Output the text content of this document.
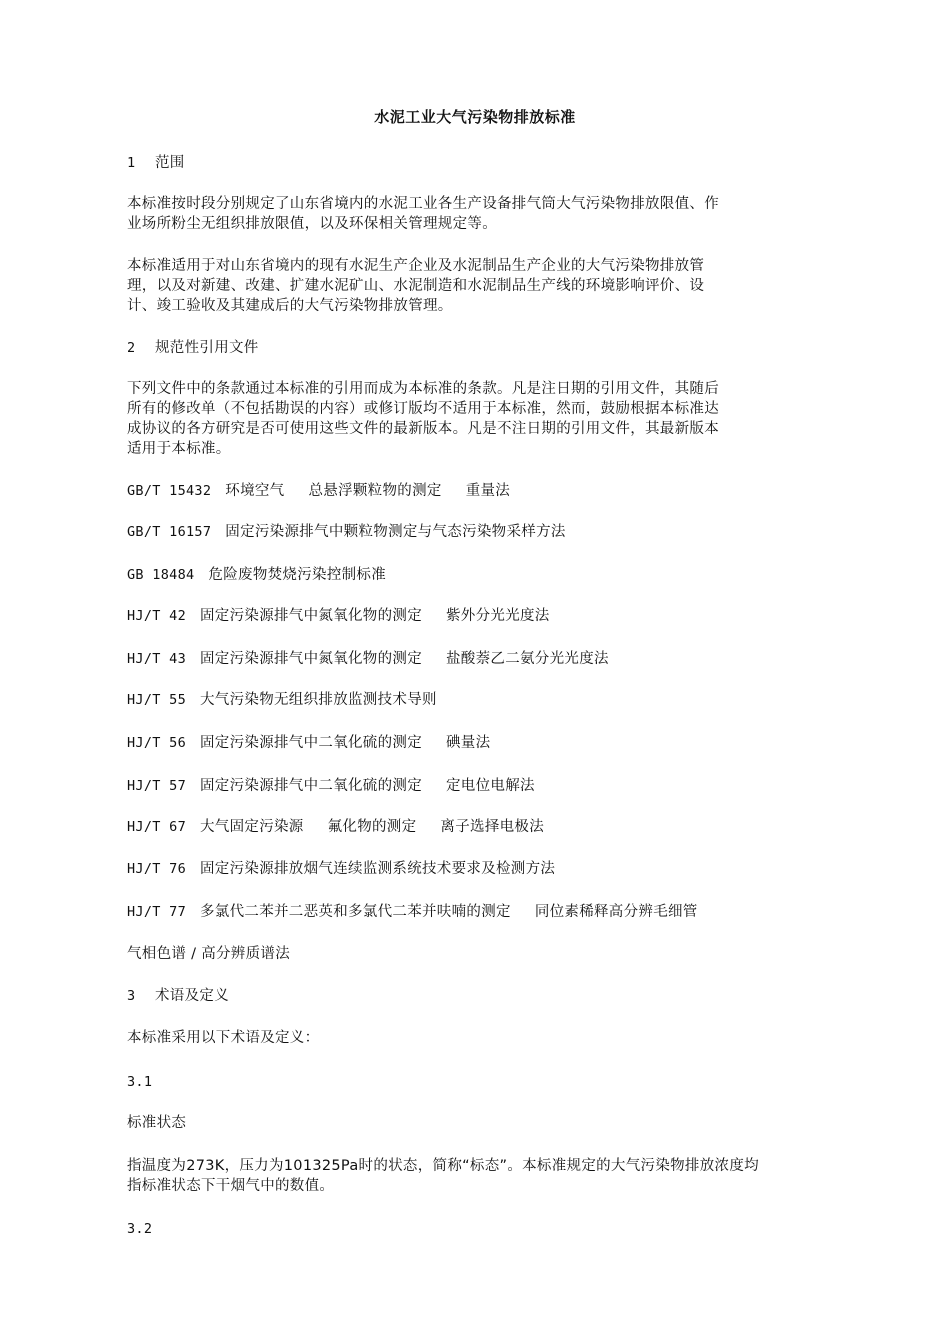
水泥工业大气污染物排放标准
1 范围
本标准按时段分别规定了山东省境内的水泥工业各生产设备排气筒大气污染物排放限值、作
业场所粉尘无组织排放限值，以及环保相关管理规定等。
本标准适用于对山东省境内的现有水泥生产企业及水泥制品生产企业的大气污染物排放管
理，以及对新建、改建、扩建水泥矿山、水泥制造和水泥制品生产线的环境影响评价、设
计、竣工验收及其建成后的大气污染物排放管理。
2 规范性引用文件
下列文件中的条款通过本标准的引用而成为本标准的条款。凡是注日期的引用文件，其随后
所有的修改单（不包括勘误的内容）或修订版均不适用于本标准，然而，鼓励根据本标准达
成协议的各方研究是否可使用这些文件的最新版本。凡是不注日期的引用文件，其最新版本
适用于本标准。
GB/T 15432 环境空气 总悬浮颗粒物的测定 重量法
GB/T 16157 固定污染源排气中颗粒物测定与气态污染物采样方法
GB 18484 危险废物焚烧污染控制标准
HJ/T 42 固定污染源排气中氮氧化物的测定 紫外分光光度法
HJ/T 43 固定污染源排气中氮氧化物的测定 盐酸萘乙二氨分光光度法
HJ/T 55 大气污染物无组织排放监测技术导则
HJ/T 56 固定污染源排气中二氧化硫的测定 碘量法
HJ/T 57 固定污染源排气中二氧化硫的测定 定电位电解法
HJ/T 67 大气固定污染源 氟化物的测定 离子选择电极法
HJ/T 76 固定污染源排放烟气连续监测系统技术要求及检测方法
HJ/T 77 多氯代二苯并二恶英和多氯代二苯并呋喃的测定 同位素稀释高分辨毛细管
气相色谱 / 高分辨质谱法
3 术语及定义
本标准采用以下术语及定义：
3.1
标准状态
指温度为273K，压力为101325Pa时的状态，简称“标态”。本标准规定的大气污染物排放浓度均
指标准状态下干烟气中的数值。
3.2
